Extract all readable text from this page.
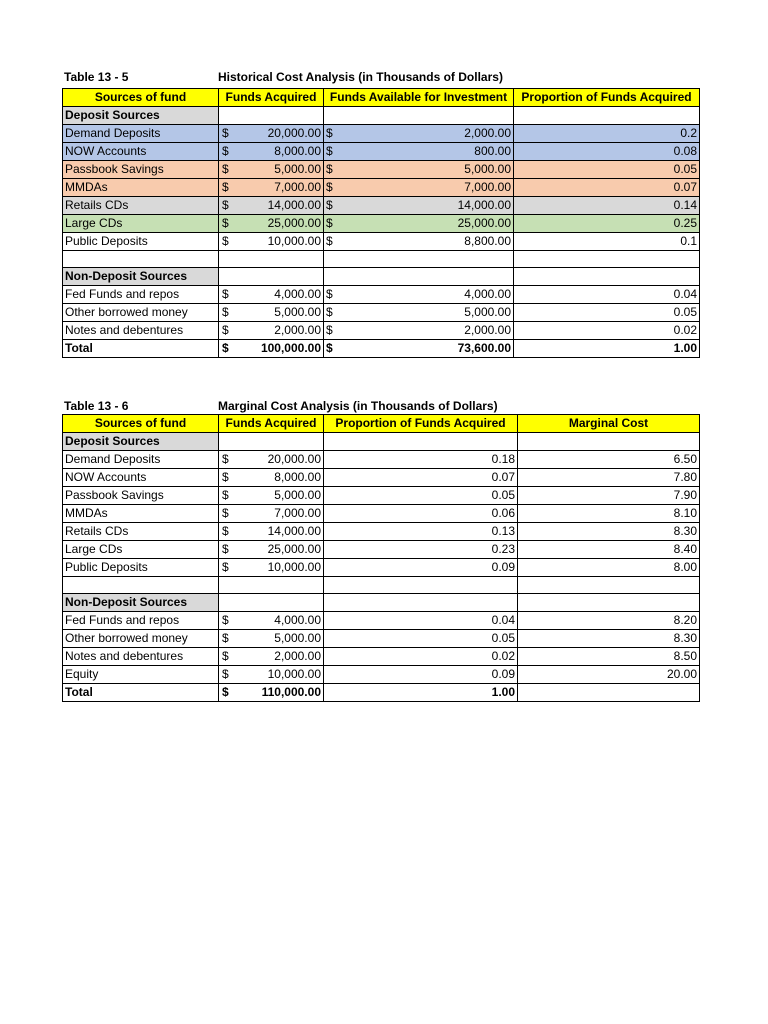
Table 13 - 5	Historical Cost Analysis (in Thousands of Dollars)
Sources of fund	Funds Acquired	Funds Available for Investment	Proportion of Funds Acquired
Deposit Sources			
Demand Deposits	$ 20,000.00	$ 2,000.00	0.2
NOW Accounts	$ 8,000.00	$ 800.00	0.08
Passbook Savings	$ 5,000.00	$ 5,000.00	0.05
MMDAs	$ 7,000.00	$ 7,000.00	0.07
Retails CDs	$ 14,000.00	$ 14,000.00	0.14
Large CDs	$ 25,000.00	$ 25,000.00	0.25
Public Deposits	$ 10,000.00	$ 8,800.00	0.1

Non-Deposit Sources			
Fed Funds and repos	$ 4,000.00	$ 4,000.00	0.04
Other borrowed money	$ 5,000.00	$ 5,000.00	0.05
Notes and debentures	$ 2,000.00	$ 2,000.00	0.02
Total	$ 100,000.00	$ 73,600.00	1.00
Table 13 - 6	Marginal Cost Analysis (in Thousands of Dollars)
Sources of fund	Funds Acquired	Proportion of Funds Acquired	Marginal Cost
Deposit Sources			
Demand Deposits	$ 20,000.00	0.18	6.50
NOW Accounts	$ 8,000.00	0.07	7.80
Passbook Savings	$ 5,000.00	0.05	7.90
MMDAs	$ 7,000.00	0.06	8.10
Retails CDs	$ 14,000.00	0.13	8.30
Large CDs	$ 25,000.00	0.23	8.40
Public Deposits	$ 10,000.00	0.09	8.00

Non-Deposit Sources			
Fed Funds and repos	$ 4,000.00	0.04	8.20
Other borrowed money	$ 5,000.00	0.05	8.30
Notes and debentures	$ 2,000.00	0.02	8.50
Equity	$ 10,000.00	0.09	20.00
Total	$ 110,000.00	1.00	
